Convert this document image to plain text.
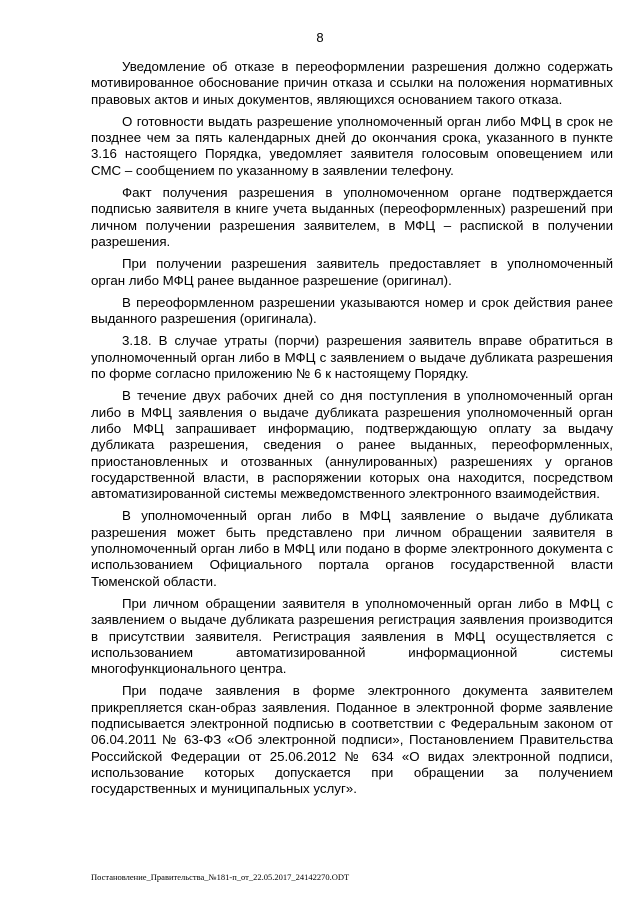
8

Уведомление об отказе в переоформлении разрешения должно содержать мотивированное обоснование причин отказа и ссылки на положения нормативных правовых актов и иных документов, являющихся основанием такого отказа.

О готовности выдать разрешение уполномоченный орган либо МФЦ в срок не позднее чем за пять календарных дней до окончания срока, указанного в пункте 3.16 настоящего Порядка, уведомляет заявителя голосовым оповещением или СМС – сообщением по указанному в заявлении телефону.

Факт получения разрешения в уполномоченном органе подтверждается подписью заявителя в книге учета выданных (переоформленных) разрешений при личном получении разрешения заявителем, в МФЦ – распиской в получении разрешения.

При получении разрешения заявитель предоставляет в уполномоченный орган либо МФЦ ранее выданное разрешение (оригинал).

В переоформленном разрешении указываются номер и срок действия ранее выданного разрешения (оригинала).

3.18. В случае утраты (порчи) разрешения заявитель вправе обратиться в уполномоченный орган либо в МФЦ с заявлением о выдаче дубликата разрешения по форме согласно приложению № 6 к настоящему Порядку.

В течение двух рабочих дней со дня поступления в уполномоченный орган либо в МФЦ заявления о выдаче дубликата разрешения уполномоченный орган либо МФЦ запрашивает информацию, подтверждающую оплату за выдачу дубликата разрешения, сведения о ранее выданных, переоформленных, приостановленных и отозванных (аннулированных) разрешениях у органов государственной власти, в распоряжении которых она находится, посредством автоматизированной системы межведомственного электронного взаимодействия.

В уполномоченный орган либо в МФЦ заявление о выдаче дубликата разрешения может быть представлено при личном обращении заявителя в уполномоченный орган либо в МФЦ или подано в форме электронного документа с использованием Официального портала органов государственной власти Тюменской области.

При личном обращении заявителя в уполномоченный орган либо в МФЦ с заявлением о выдаче дубликата разрешения регистрация заявления производится в присутствии заявителя. Регистрация заявления в МФЦ осуществляется с использованием автоматизированной информационной системы многофункционального центра.

При подаче заявления в форме электронного документа заявителем прикрепляется скан-образ заявления. Поданное в электронной форме заявление подписывается электронной подписью в соответствии с Федеральным законом от 06.04.2011 № 63-ФЗ «Об электронной подписи», Постановлением Правительства Российской Федерации от 25.06.2012 № 634 «О видах электронной подписи, использование которых допускается при обращении за получением государственных и муниципальных услуг».

Постановление_Правительства_№181-п_от_22.05.2017_24142270.ODT
